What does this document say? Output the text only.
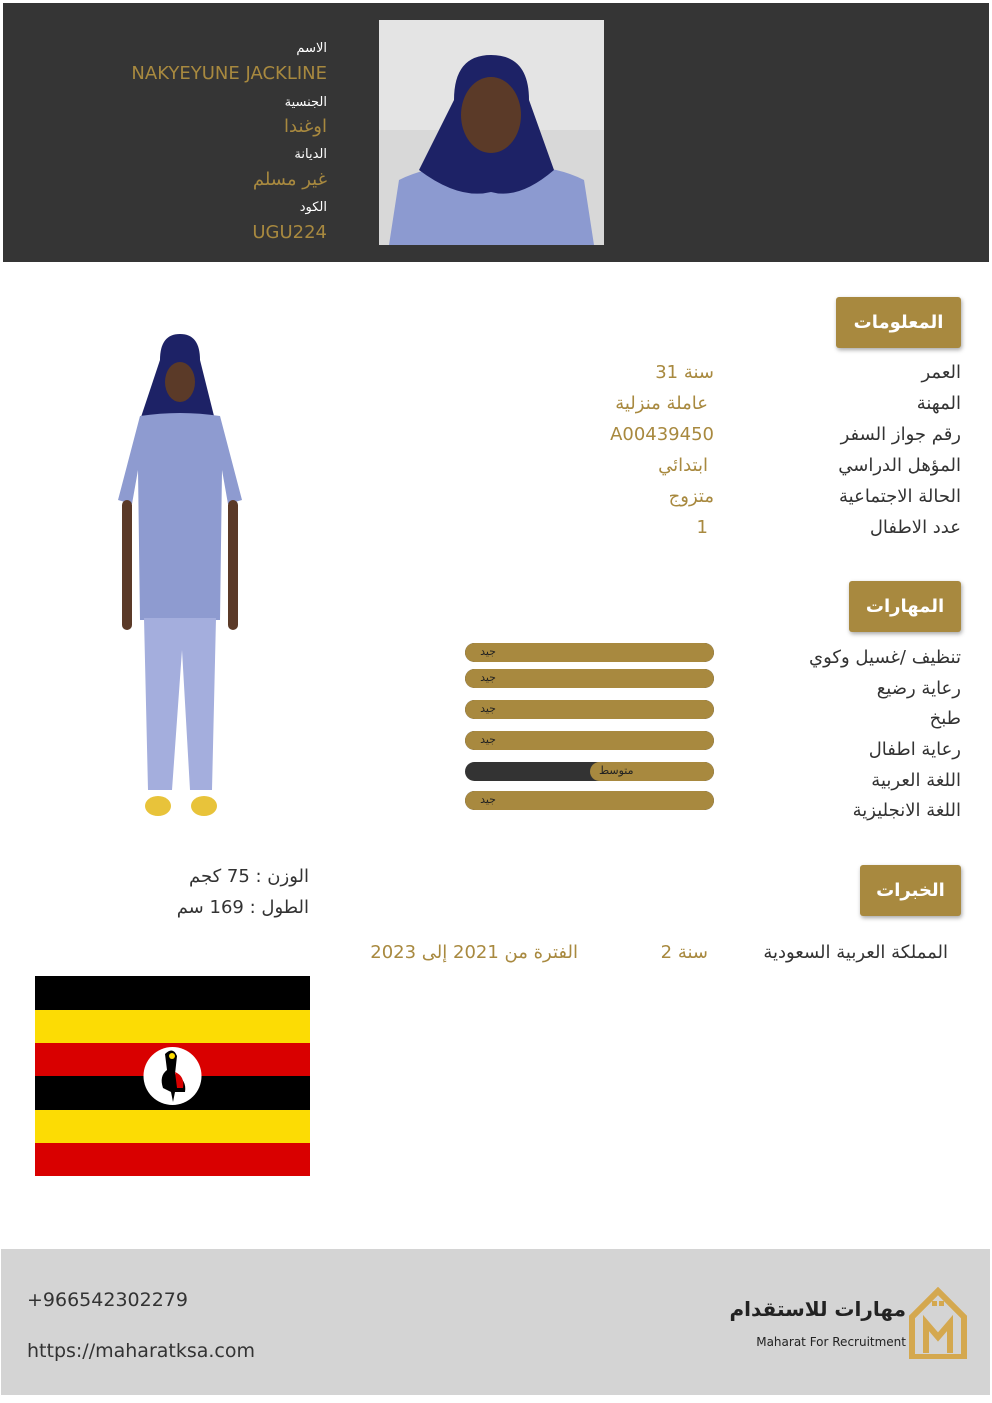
الاسم
NAKYEYUNE JACKLINE
الجنسية
اوغندا
الديانة
غير مسلم
الكود
UGU224
المعلومات
العمر
31 سنة
المهنة
عاملة منزلية
رقم جواز السفر
A00439450
المؤهل الدراسي
ابتدائي
الحالة الاجتماعية
متزوج
عدد الاطفال
1
المهارات
تنظيف /غسيل وكوي
جيد
رعاية رضيع
جيد
طبخ
جيد
رعاية اطفال
جيد
اللغة العربية
متوسط
اللغة الانجليزية
جيد
الوزن : 75 كجم
الطول : 169 سم
الخبرات
المملكة العربية السعودية
2 سنة
الفترة من 2021 إلى 2023
+966542302279
https://maharatksa.com
مهارات للاستقدام
Maharat For Recruitment
